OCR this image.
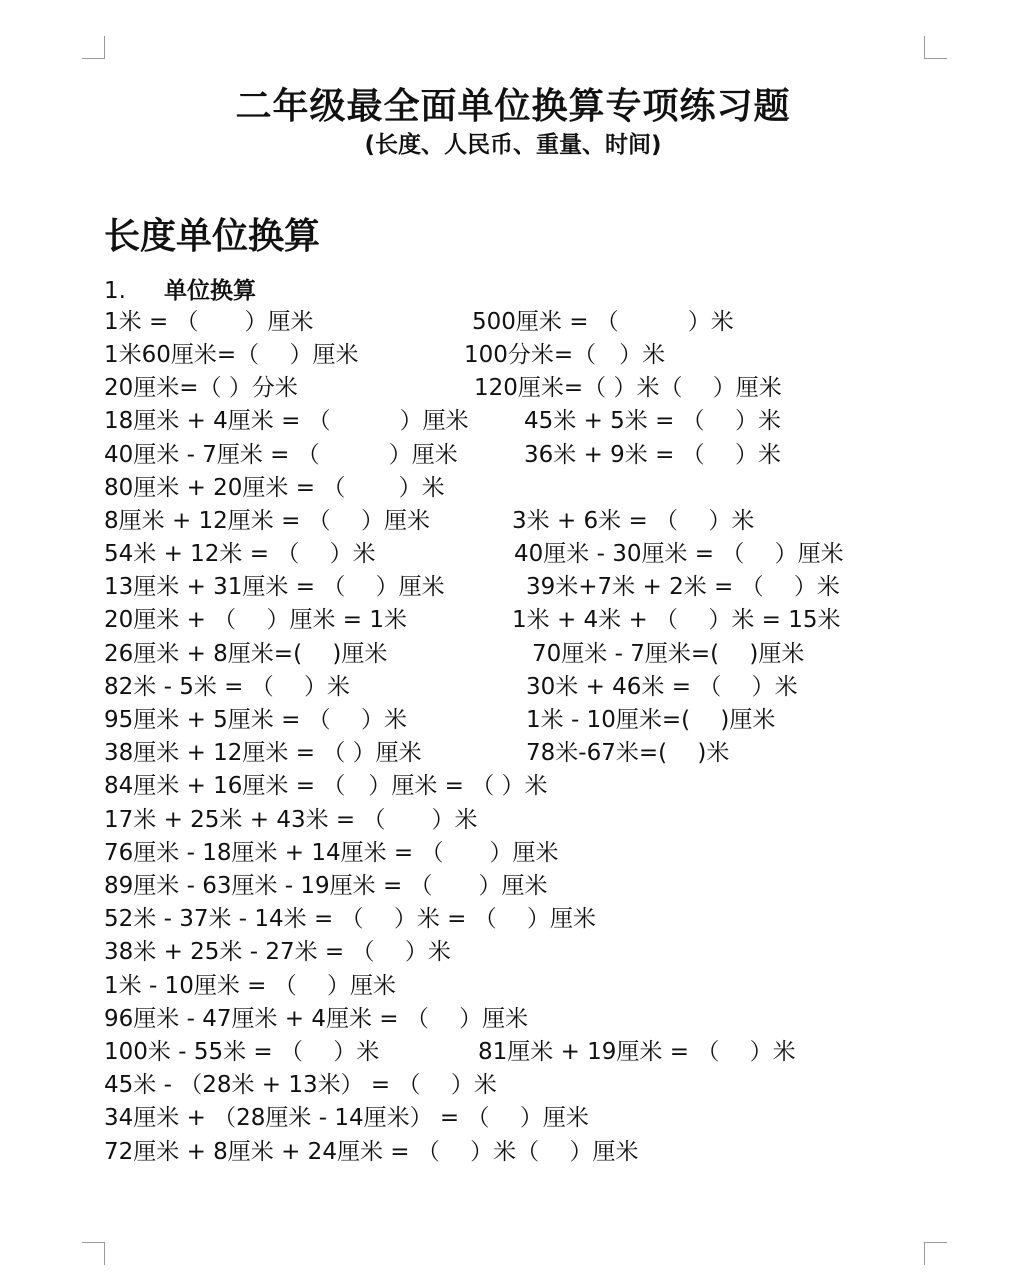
二年级最全面单位换算专项练习题
(长度、人民币、重量、时间)
长度单位换算
1. 单位换算
1米 = （　　）厘米	500厘米 = （　　　）米
1米60厘米=（　 ）厘米	100分米=（　）米
20厘米=（ ）分米	120厘米=（ ）米（　 ）厘米
18厘米 + 4厘米 = （　　　）厘米 45米 + 5米 = （　 ）米
40厘米 - 7厘米 = （　　　）厘米	36米 + 9米 = （　 ）米
80厘米 + 20厘米 = （　　 ）米
8厘米 + 12厘米 = （　 ）厘米	3米 + 6米 = （　 ）米
54米 + 12米 = （　 ）米	40厘米 - 30厘米 = （　 ）厘米
13厘米 + 31厘米 = （　 ）厘米	39米+7米 + 2米 = （　 ）米
20厘米 + （　 ）厘米 = 1米	1米 + 4米 + （　 ）米 = 15米
26厘米 + 8厘米=(　 )厘米	70厘米 - 7厘米=(　 )厘米
82米 - 5米 = （　 ）米	30米 + 46米 = （　 ）米
95厘米 + 5厘米 = （　 ）米	1米 - 10厘米=(　 )厘米
38厘米 + 12厘米 = （ ）厘米	78米-67米=(　 )米
84厘米 + 16厘米 = （　）厘米 = （ ）米
17米 + 25米 + 43米 = （　　）米
76厘米 - 18厘米 + 14厘米 = （　　）厘米
89厘米 - 63厘米 - 19厘米 = （　　）厘米
52米 - 37米 - 14米 = （　 ）米 = （　 ）厘米
38米 + 25米 - 27米 = （　 ）米
1米 - 10厘米 = （　 ）厘米
96厘米 - 47厘米 + 4厘米 = （　 ）厘米
100米 - 55米 = （　 ）米	81厘米 + 19厘米 = （　 ）米
45米 - （28米 + 13米） = （　 ）米
34厘米 + （28厘米 - 14厘米） = （　 ）厘米
72厘米 + 8厘米 + 24厘米 = （　 ）米（　 ）厘米
